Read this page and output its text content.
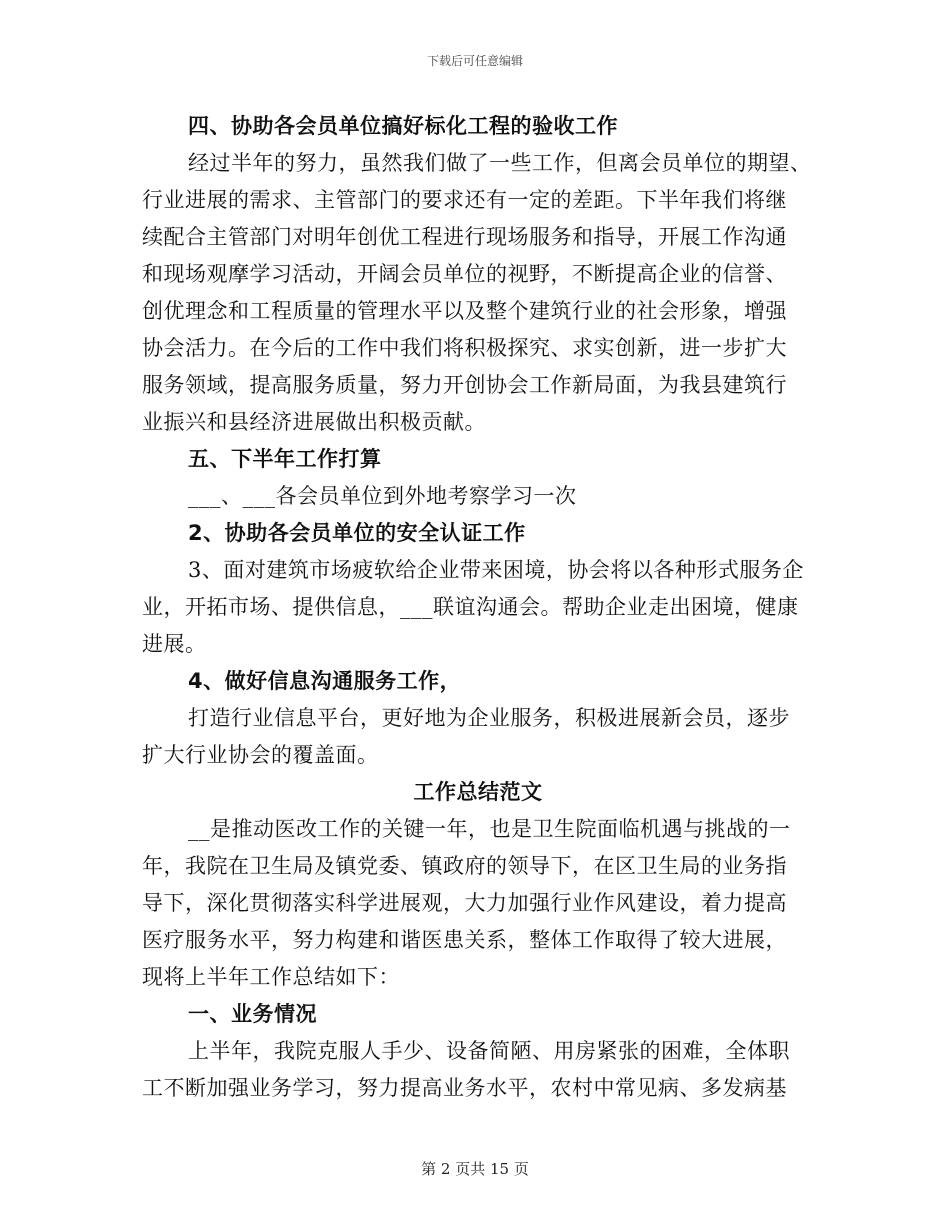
下载后可任意编辑
四、协助各会员单位搞好标化工程的验收工作
经过半年的努力，虽然我们做了一些工作，但离会员单位的期望、
行业进展的需求、主管部门的要求还有一定的差距。下半年我们将继
续配合主管部门对明年创优工程进行现场服务和指导，开展工作沟通
和现场观摩学习活动，开阔会员单位的视野，不断提高企业的信誉、
创优理念和工程质量的管理水平以及整个建筑行业的社会形象，增强
协会活力。在今后的工作中我们将积极探究、求实创新，进一步扩大
服务领域，提高服务质量，努力开创协会工作新局面，为我县建筑行
业振兴和县经济进展做出积极贡献。
五、下半年工作打算
___、___各会员单位到外地考察学习一次
2、协助各会员单位的安全认证工作
3、面对建筑市场疲软给企业带来困境，协会将以各种形式服务企
业，开拓市场、提供信息，___联谊沟通会。帮助企业走出困境，健康
进展。
4、做好信息沟通服务工作，
打造行业信息平台，更好地为企业服务，积极进展新会员，逐步
扩大行业协会的覆盖面。
工作总结范文
__是推动医改工作的关键一年，也是卫生院面临机遇与挑战的一
年，我院在卫生局及镇党委、镇政府的领导下，在区卫生局的业务指
导下，深化贯彻落实科学进展观，大力加强行业作风建设，着力提高
医疗服务水平，努力构建和谐医患关系，整体工作取得了较大进展，
现将上半年工作总结如下：
一、业务情况
上半年，我院克服人手少、设备简陋、用房紧张的困难，全体职
工不断加强业务学习，努力提高业务水平，农村中常见病、多发病基
第 2 页共 15 页
